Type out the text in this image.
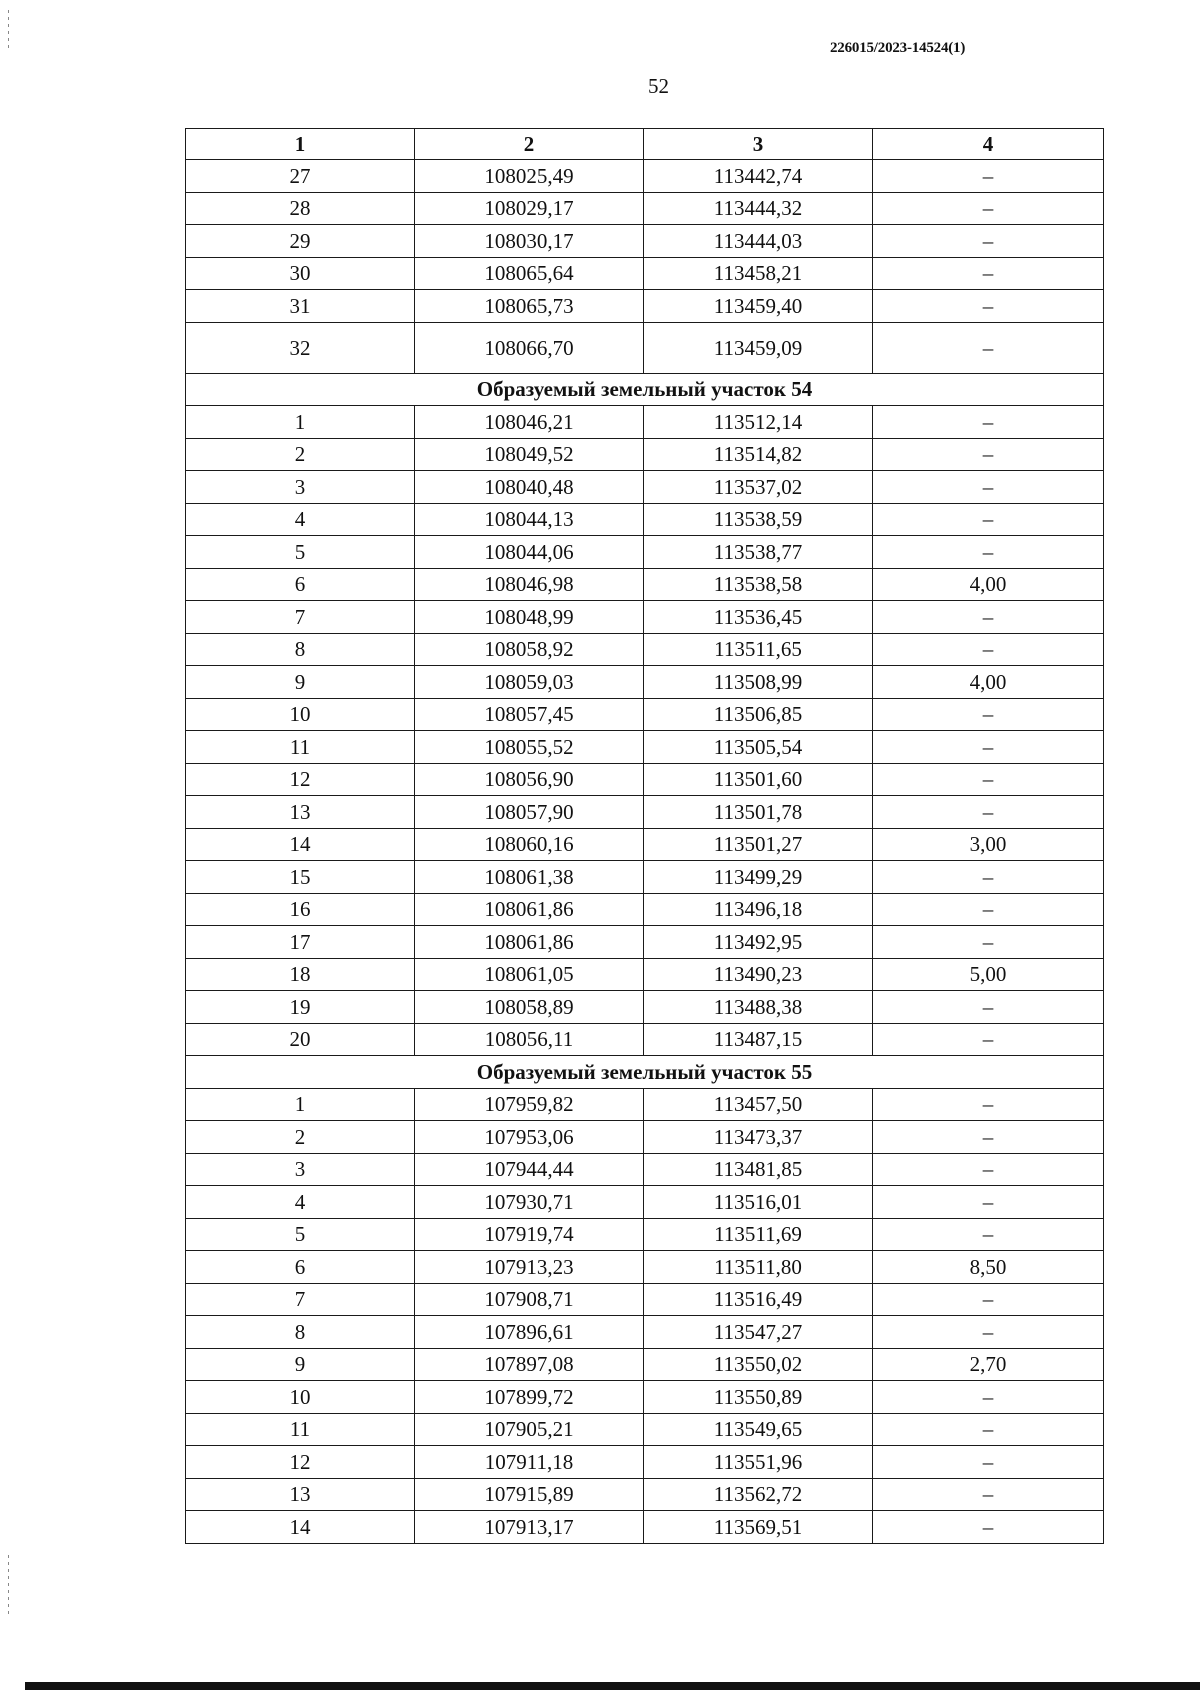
226015/2023-14524(1)
52
1	2	3	4
27	108025,49	113442,74	–
28	108029,17	113444,32	–
29	108030,17	113444,03	–
30	108065,64	113458,21	–
31	108065,73	113459,40	–
32	108066,70	113459,09	–
Образуемый земельный участок 54			
1	108046,21	113512,14	–
2	108049,52	113514,82	–
3	108040,48	113537,02	–
4	108044,13	113538,59	–
5	108044,06	113538,77	–
6	108046,98	113538,58	4,00
7	108048,99	113536,45	–
8	108058,92	113511,65	–
9	108059,03	113508,99	4,00
10	108057,45	113506,85	–
11	108055,52	113505,54	–
12	108056,90	113501,60	–
13	108057,90	113501,78	–
14	108060,16	113501,27	3,00
15	108061,38	113499,29	–
16	108061,86	113496,18	–
17	108061,86	113492,95	–
18	108061,05	113490,23	5,00
19	108058,89	113488,38	–
20	108056,11	113487,15	–
Образуемый земельный участок 55			
1	107959,82	113457,50	–
2	107953,06	113473,37	–
3	107944,44	113481,85	–
4	107930,71	113516,01	–
5	107919,74	113511,69	–
6	107913,23	113511,80	8,50
7	107908,71	113516,49	–
8	107896,61	113547,27	–
9	107897,08	113550,02	2,70
10	107899,72	113550,89	–
11	107905,21	113549,65	–
12	107911,18	113551,96	–
13	107915,89	113562,72	–
14	107913,17	113569,51	–
